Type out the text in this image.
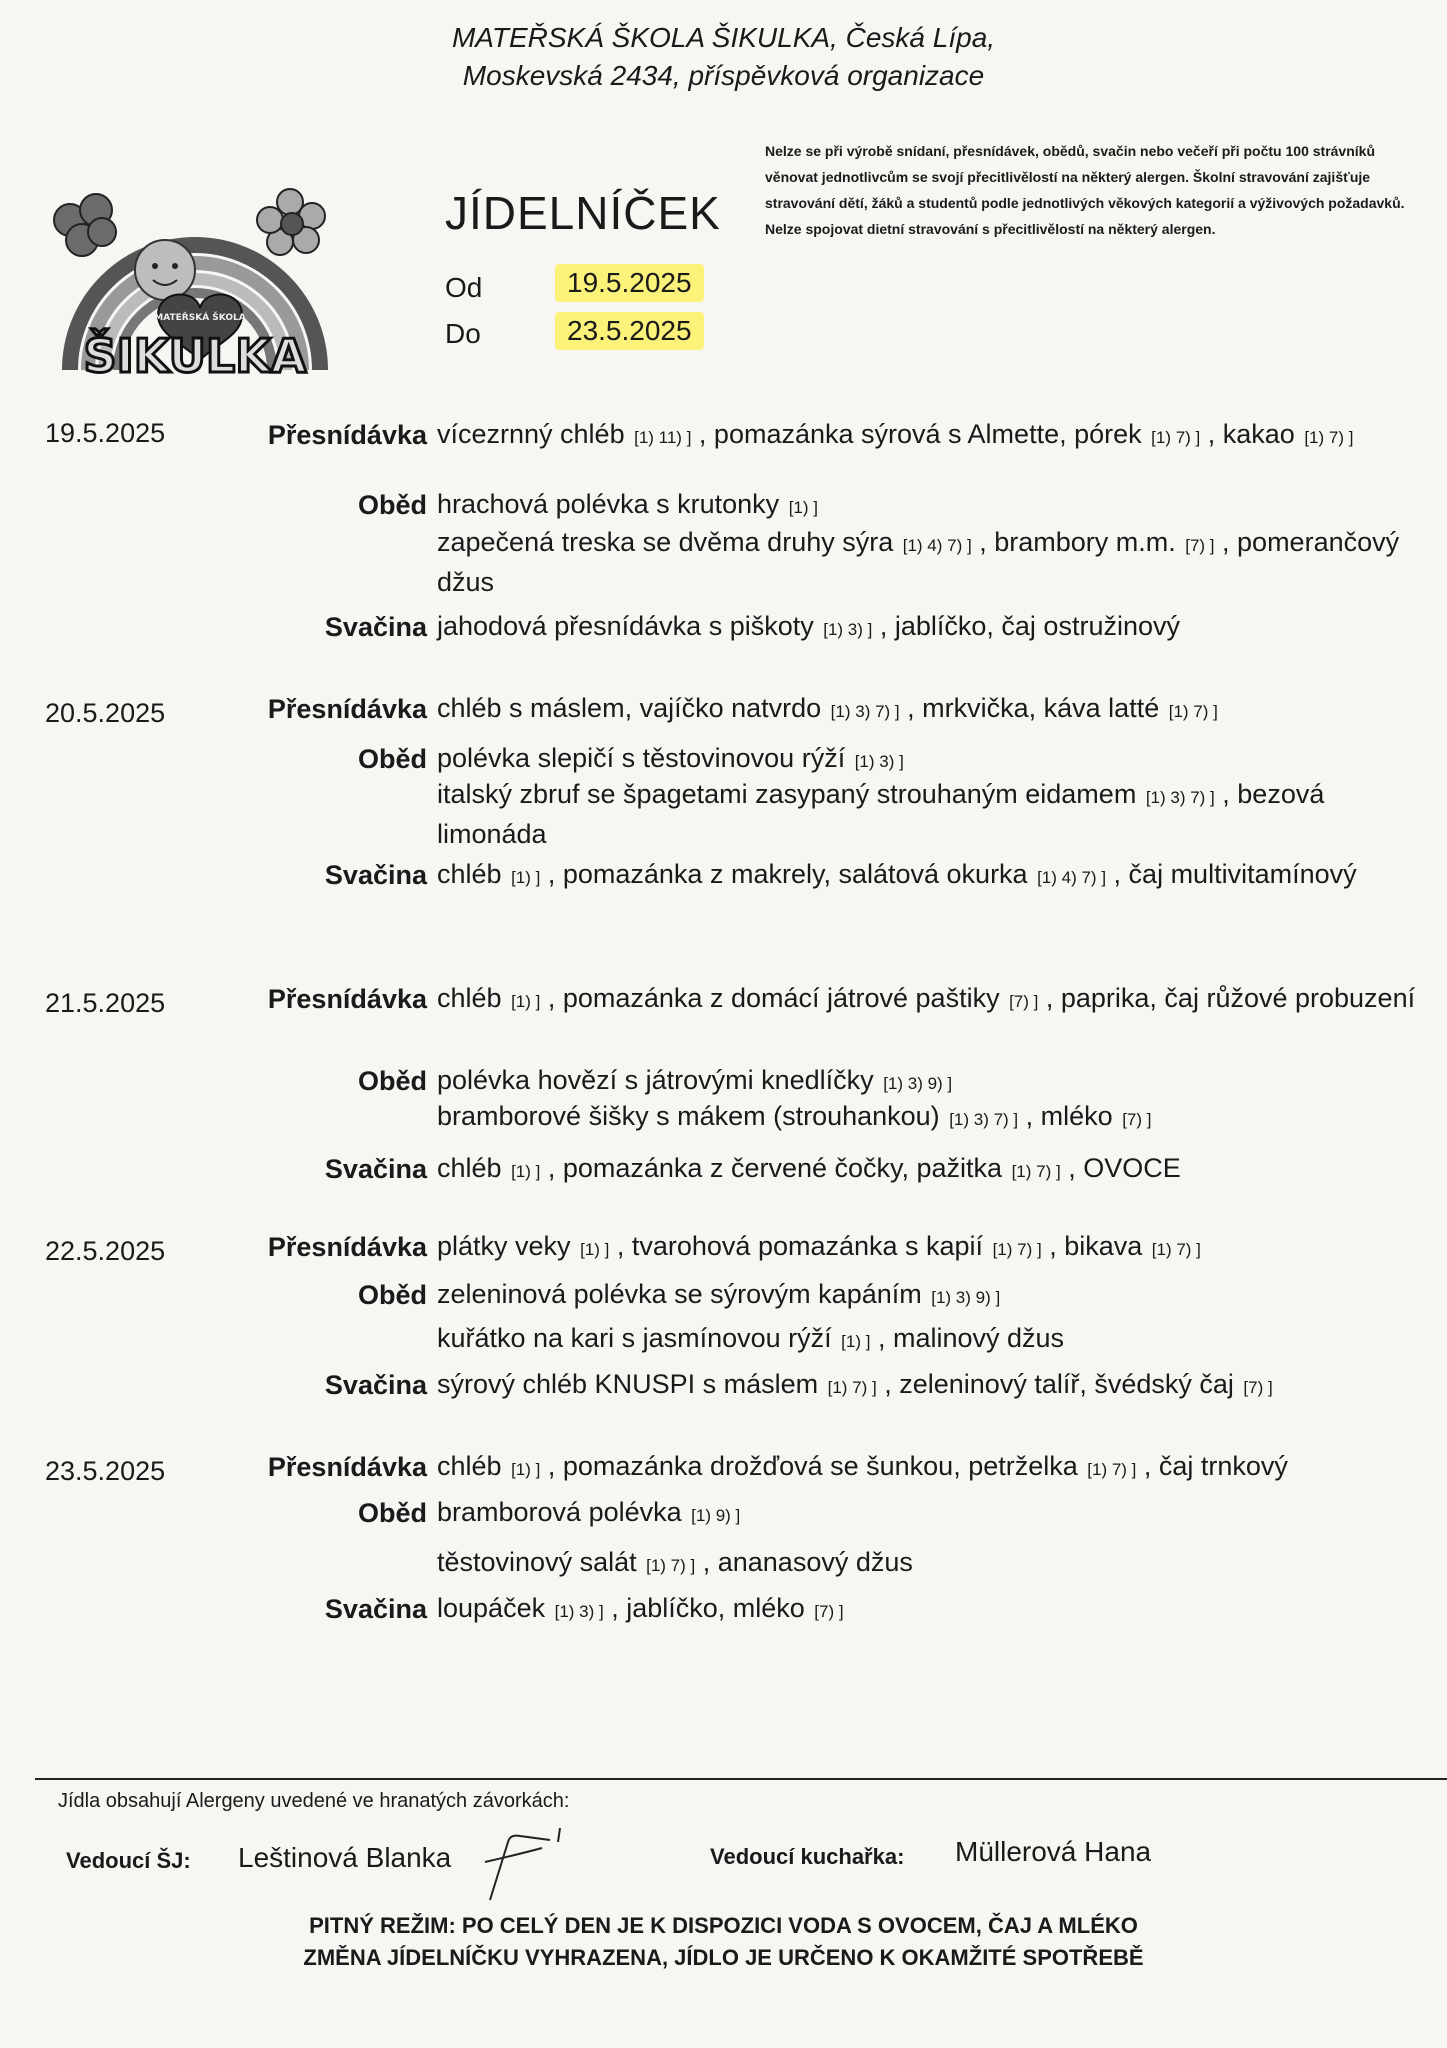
MATEŘSKÁ ŠKOLA ŠIKULKA, Česká Lípa,
Moskevská 2434, příspěvková organizace
MATEŘSKÁ ŠKOLA
ŠIKULKA
JÍDELNÍČEK
Od	19.5.2025
Do	23.5.2025
Nelze se při výrobě snídaní, přesnídávek, obědů, svačin nebo večeří při počtu 100 strávníků věnovat jednotlivcům se svojí přecitlivělostí na některý alergen. Školní stravování zajišťuje stravování dětí, žáků a studentů podle jednotlivých věkových kategorií a výživových požadavků. Nelze spojovat dietní stravování s přecitlivělostí na některý alergen.
19.5.2025	Přesnídávka vícezrnný chléb [1) 11) ] , pomazánka sýrová s Almette, pórek [1) 7) ] , kakao [1) 7) ]
Oběd hrachová polévka s krutonky [1) ]
zapečená treska se dvěma druhy sýra [1) 4) 7) ] , brambory m.m. [7) ] , pomerančový džus
Svačina jahodová přesnídávka s piškoty [1) 3) ] , jablíčko, čaj ostružinový
20.5.2025	Přesnídávka chléb s máslem, vajíčko natvrdo [1) 3) 7) ] , mrkvička, káva latté [1) 7) ]
Oběd polévka slepičí s těstovinovou rýží [1) 3) ]
italský zbruf se špagetami zasypaný strouhaným eidamem [1) 3) 7) ] , bezová limonáda
Svačina chléb [1) ] , pomazánka z makrely, salátová okurka [1) 4) 7) ] , čaj multivitamínový
21.5.2025	Přesnídávka chléb [1) ] , pomazánka z domácí játrové paštiky [7) ] , paprika, čaj růžové probuzení
Oběd polévka hovězí s játrovými knedlíčky [1) 3) 9) ]
bramborové šišky s mákem (strouhankou) [1) 3) 7) ] , mléko [7) ]
Svačina chléb [1) ] , pomazánka z červené čočky, pažitka [1) 7) ] , OVOCE
22.5.2025	Přesnídávka plátky veky [1) ] , tvarohová pomazánka s kapií [1) 7) ] , bikava [1) 7) ]
Oběd zeleninová polévka se sýrovým kapáním [1) 3) 9) ]
kuřátko na kari s jasmínovou rýží [1) ] , malinový džus
Svačina sýrový chléb KNUSPI s máslem [1) 7) ] , zeleninový talíř, švédský čaj [7) ]
23.5.2025	Přesnídávka chléb [1) ] , pomazánka drožďová se šunkou, petrželka [1) 7) ] , čaj trnkový
Oběd bramborová polévka [1) 9) ]
těstovinový salát [1) 7) ] , ananasový džus
Svačina loupáček [1) 3) ] , jablíčko, mléko [7) ]
Jídla obsahují Alergeny uvedené ve hranatých závorkách:
Vedoucí ŠJ: Leštinová Blanka	Vedoucí kuchařka: Müllerová Hana
PITNÝ REŽIM: PO CELÝ DEN JE K DISPOZICI VODA S OVOCEM, ČAJ A MLÉKO
ZMĚNA JÍDELNÍČKU VYHRAZENA, JÍDLO JE URČENO K OKAMŽITÉ SPOTŘEBĚ
